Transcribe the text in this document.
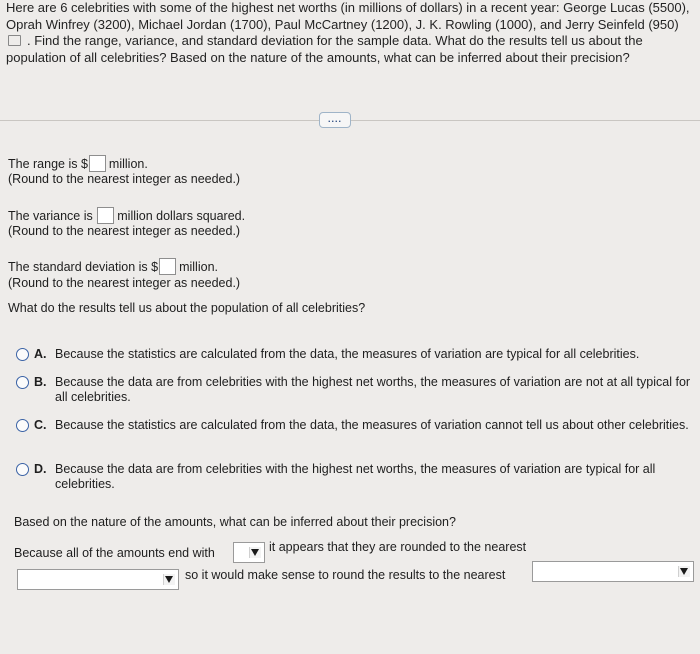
Here are 6 celebrities with some of the highest net worths (in millions of dollars) in a recent year: George Lucas (5500), Oprah Winfrey (3200), Michael Jordan (1700), Paul McCartney (1200), J. K. Rowling (1000), and Jerry Seinfeld (950) . Find the range, variance, and standard deviation for the sample data. What do the results tell us about the population of all celebrities? Based on the nature of the amounts, what can be inferred about their precision?
....
The range is $ million.
(Round to the nearest integer as needed.)
The variance is million dollars squared.
(Round to the nearest integer as needed.)
The standard deviation is $ million.
(Round to the nearest integer as needed.)
What do the results tell us about the population of all celebrities?
A. Because the statistics are calculated from the data, the measures of variation are typical for all celebrities.
B. Because the data are from celebrities with the highest net worths, the measures of variation are not at all typical for all celebrities.
C. Because the statistics are calculated from the data, the measures of variation cannot tell us about other celebrities.
D. Because the data are from celebrities with the highest net worths, the measures of variation are typical for all celebrities.
Based on the nature of the amounts, what can be inferred about their precision?
Because all of the amounts end with	it appears that they are rounded to the nearest
so it would make sense to round the results to the nearest
